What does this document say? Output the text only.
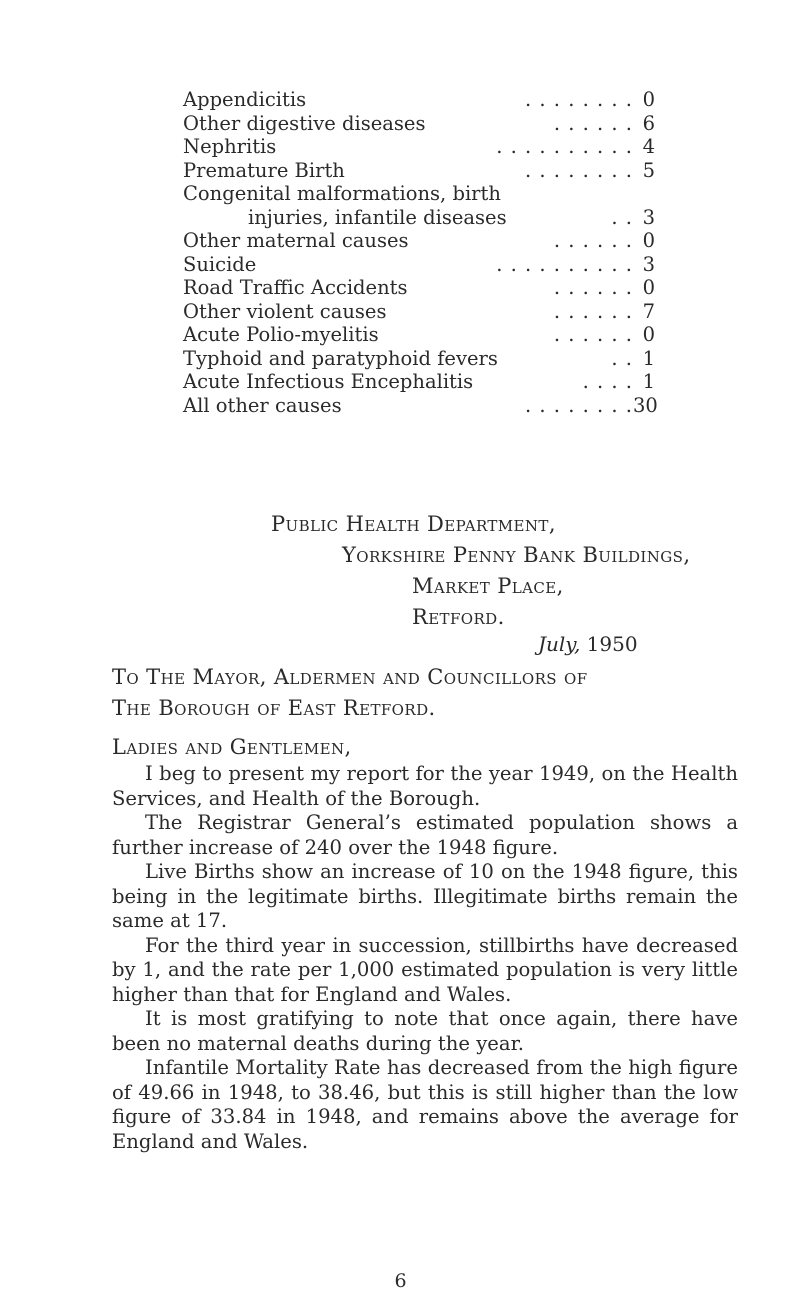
Appendicitis	. . . . . . . . 0
Other digestive diseases	. . . . . . 6
Nephritis	. . . . . . . . . . 4
Premature Birth	. . . . . . . . 5
Congenital malformations, birth
injuries, infantile diseases	. . 3
Other maternal causes	. . . . . . 0
Suicide	. . . . . . . . . . 3
Road Traffic Accidents	. . . . . . 0
Other violent causes	. . . . . . 7
Acute Polio-myelitis	. . . . . . 0
Typhoid and paratyphoid fevers	. . 1
Acute Infectious Encephalitis	. . . . 1
All other causes	. . . . . . . . 30
Public Health Department,
Yorkshire Penny Bank Buildings,
Market Place,
Retford.
July, 1950
To The Mayor, Aldermen and Councillors of
The Borough of East Retford.
Ladies and Gentlemen,

I beg to present my report for the year 1949, on the Health Services, and Health of the Borough.

The Registrar General’s estimated population shows a further increase of 240 over the 1948 figure.

Live Births show an increase of 10 on the 1948 figure, this being in the legitimate births. Illegitimate births remain the same at 17.

For the third year in succession, stillbirths have decreased by 1, and the rate per 1,000 estimated population is very little higher than that for England and Wales.

It is most gratifying to note that once again, there have been no maternal deaths during the year.

Infantile Mortality Rate has decreased from the high figure of 49.66 in 1948, to 38.46, but this is still higher than the low figure of 33.84 in 1948, and remains above the average for England and Wales.

6
